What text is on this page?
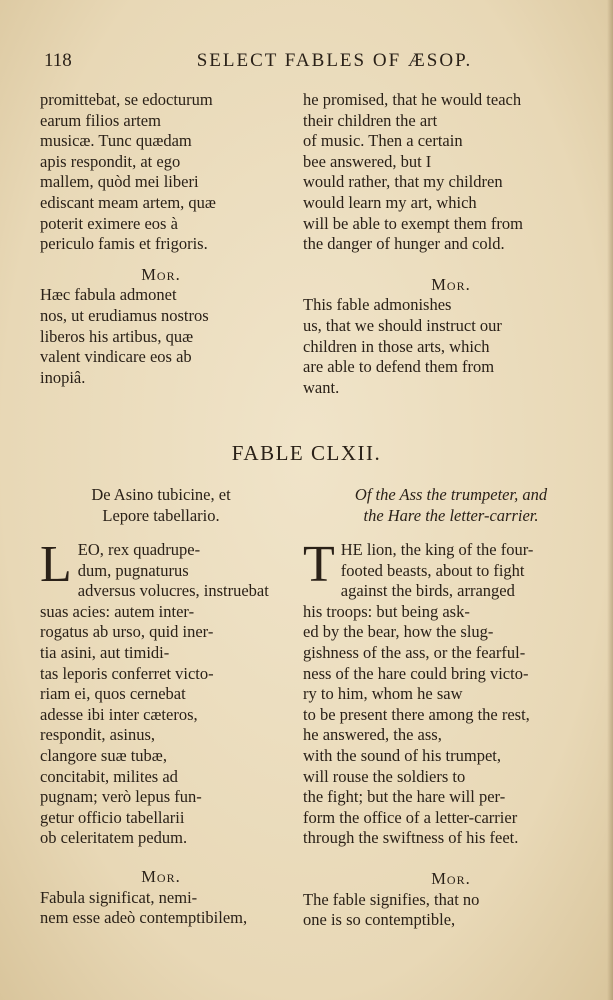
118	SELECT FABLES OF ÆSOP.
promittebat, se edocturum
earum filios artem
musicæ. Tunc quædam
apis respondit, at ego
mallem, quòd mei liberi
ediscant meam artem, quæ
poterit eximere eos à
periculo famis et frigoris.

Mor.

Hæc fabula admonet
nos, ut erudiamus nostros
liberos his artibus, quæ
valent vindicare eos ab
inopiâ.
he promised, that he would teach
their children the art
of music. Then a certain
bee answered, but I
would rather, that my children
would learn my art, which
will be able to exempt them from
the danger of hunger and cold.

Mor.

This fable admonishes
us, that we should instruct our
children in those arts, which
are able to defend them from
want.
FABLE CLXII.
De Asino tubicine, et
Lepore tabellario.
Of the Ass the trumpeter, and
the Hare the letter-carrier.
L EO, rex quadrupe-
dum, pugnaturus
adversus volucres, instruebat
suas acies: autem inter-
rogatus ab urso, quid iner-
tia asini, aut timidi-
tas leporis conferret victo-
riam ei, quos cernebat
adesse ibi inter cæteros,
respondit, asinus,
clangore suæ tubæ,
concitabit, milites ad
pugnam; verò lepus fun-
getur officio tabellarii
ob celeritatem pedum.

Mor.

Fabula significat, nemi-
nem esse adeò contemptibilem,
T HE lion, the king of the four-
footed beasts, about to fight
against the birds, arranged
his troops: but being ask-
ed by the bear, how the slug-
gishness of the ass, or the fearful-
ness of the hare could bring victo-
ry to him, whom he saw
to be present there among the rest,
he answered, the ass,
with the sound of his trumpet,
will rouse the soldiers to
the fight; but the hare will per-
form the office of a letter-carrier
through the swiftness of his feet.

Mor.

The fable signifies, that no
one is so contemptible,
